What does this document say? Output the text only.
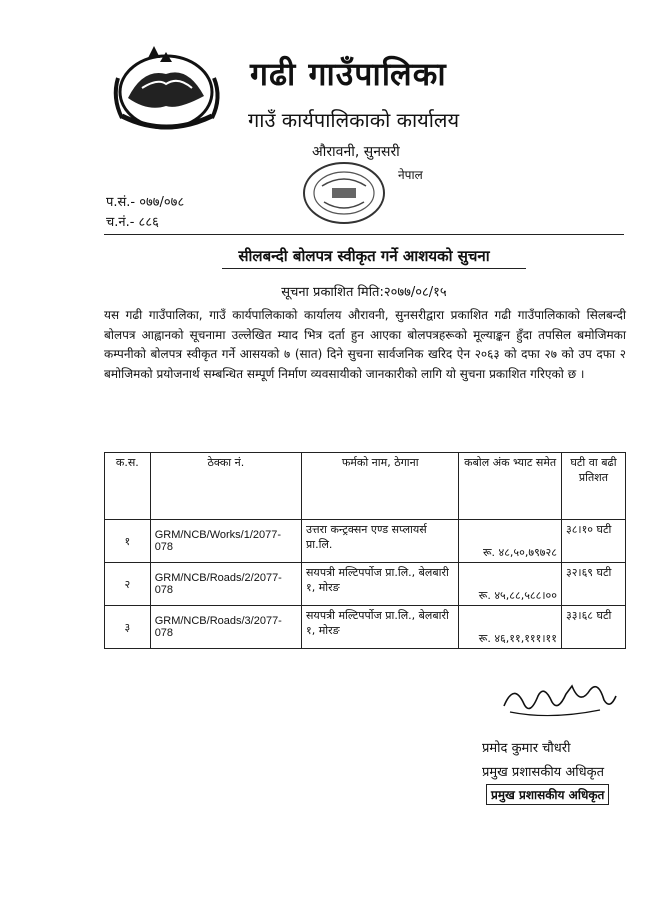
गढी गाउँपालिका
गाउँ कार्यपालिकाको कार्यालय
औरावनी, सुनसरी
नेपाल
प.सं.- ०७७/०७८
च.नं.- ८८६
सीलबन्दी बोलपत्र स्वीकृत गर्ने आशयको सुचना
सूचना प्रकाशित मिति:२०७७/०८/१५
यस गढी गाउँपालिका, गाउँ कार्यपालिकाको कार्यालय औरावनी, सुनसरीद्वारा प्रकाशित गढी गाउँपालिकाको सिलबन्दी बोलपत्र आह्वानको सूचनामा उल्लेखित म्याद भित्र दर्ता हुन आएका बोलपत्रहरूको मूल्याङ्कन हुँदा तपसिल बमोजिमका कम्पनीको बोलपत्र स्वीकृत गर्ने आसयको ७ (सात) दिने सुचना सार्वजनिक खरिद ऐन २०६३ को दफा २७ को उप दफा २ बमोजिमको प्रयोजनार्थ सम्बन्धित सम्पूर्ण निर्माण व्यवसायीको जानकारीको लागि यो सुचना प्रकाशित गरिएको छ ।
क.स.	ठेक्का नं.	फर्मको नाम, ठेगाना	कबोल अंक भ्याट समेत	घटी वा बढी प्रतिशत
१	GRM/NCB/Works/1/2077-078	उत्तरा कन्ट्रक्सन एण्ड सप्लायर्स प्रा.लि.	रू. ४८,५०,७९७२८	३८।१० घटी
२	GRM/NCB/Roads/2/2077-078	सयपत्री मल्टिपर्पोज प्रा.लि., बेलबारी १, मोरङ	रू. ४५,८८,५८८।००	३२।६९ घटी
३	GRM/NCB/Roads/3/2077-078	सयपत्री मल्टिपर्पोज प्रा.लि., बेलबारी १, मोरङ	रू. ४६,११,१११।११	३३।६८ घटी
प्रमोद कुमार चौधरी
प्रमुख प्रशासकीय अधिकृत
प्रमुख प्रशासकीय अधिकृत
